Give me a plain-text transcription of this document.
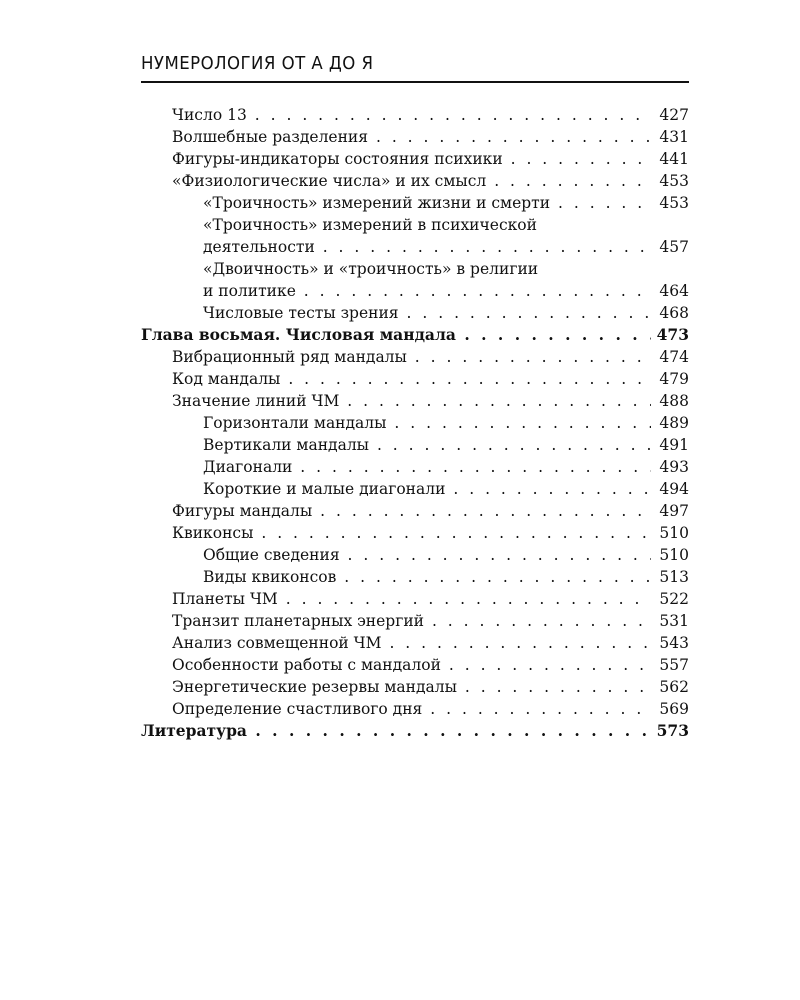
НУМЕРОЛОГИЯ ОТ А ДО Я
Число 13 . . .	427
Волшебные разделения . . .	431
Фигуры-индикаторы состояния психики . . .	441
«Физиологические числа» и их смысл . . .	453
«Троичность» измерений жизни и смерти . . .	453
«Троичность» измерений в психической
деятельности . . .	457
«Двоичность» и «троичность» в религии
и политике . . .	464
Числовые тесты зрения . . .	468
Глава восьмая. Числовая мандала . . .	473
Вибрационный ряд мандалы . . .	474
Код мандалы . . .	479
Значение линий ЧМ . . .	488
Горизонтали мандалы . . .	489
Вертикали мандалы . . .	491
Диагонали . . .	493
Короткие и малые диагонали . . .	494
Фигуры мандалы . . .	497
Квиконсы . . .	510
Общие сведения . . .	510
Виды квиконсов . . .	513
Планеты ЧМ . . .	522
Транзит планетарных энергий . . .	531
Анализ совмещенной ЧМ . . .	543
Особенности работы с мандалой . . .	557
Энергетические резервы мандалы . . .	562
Определение счастливого дня . . .	569
Литература . . .	573
